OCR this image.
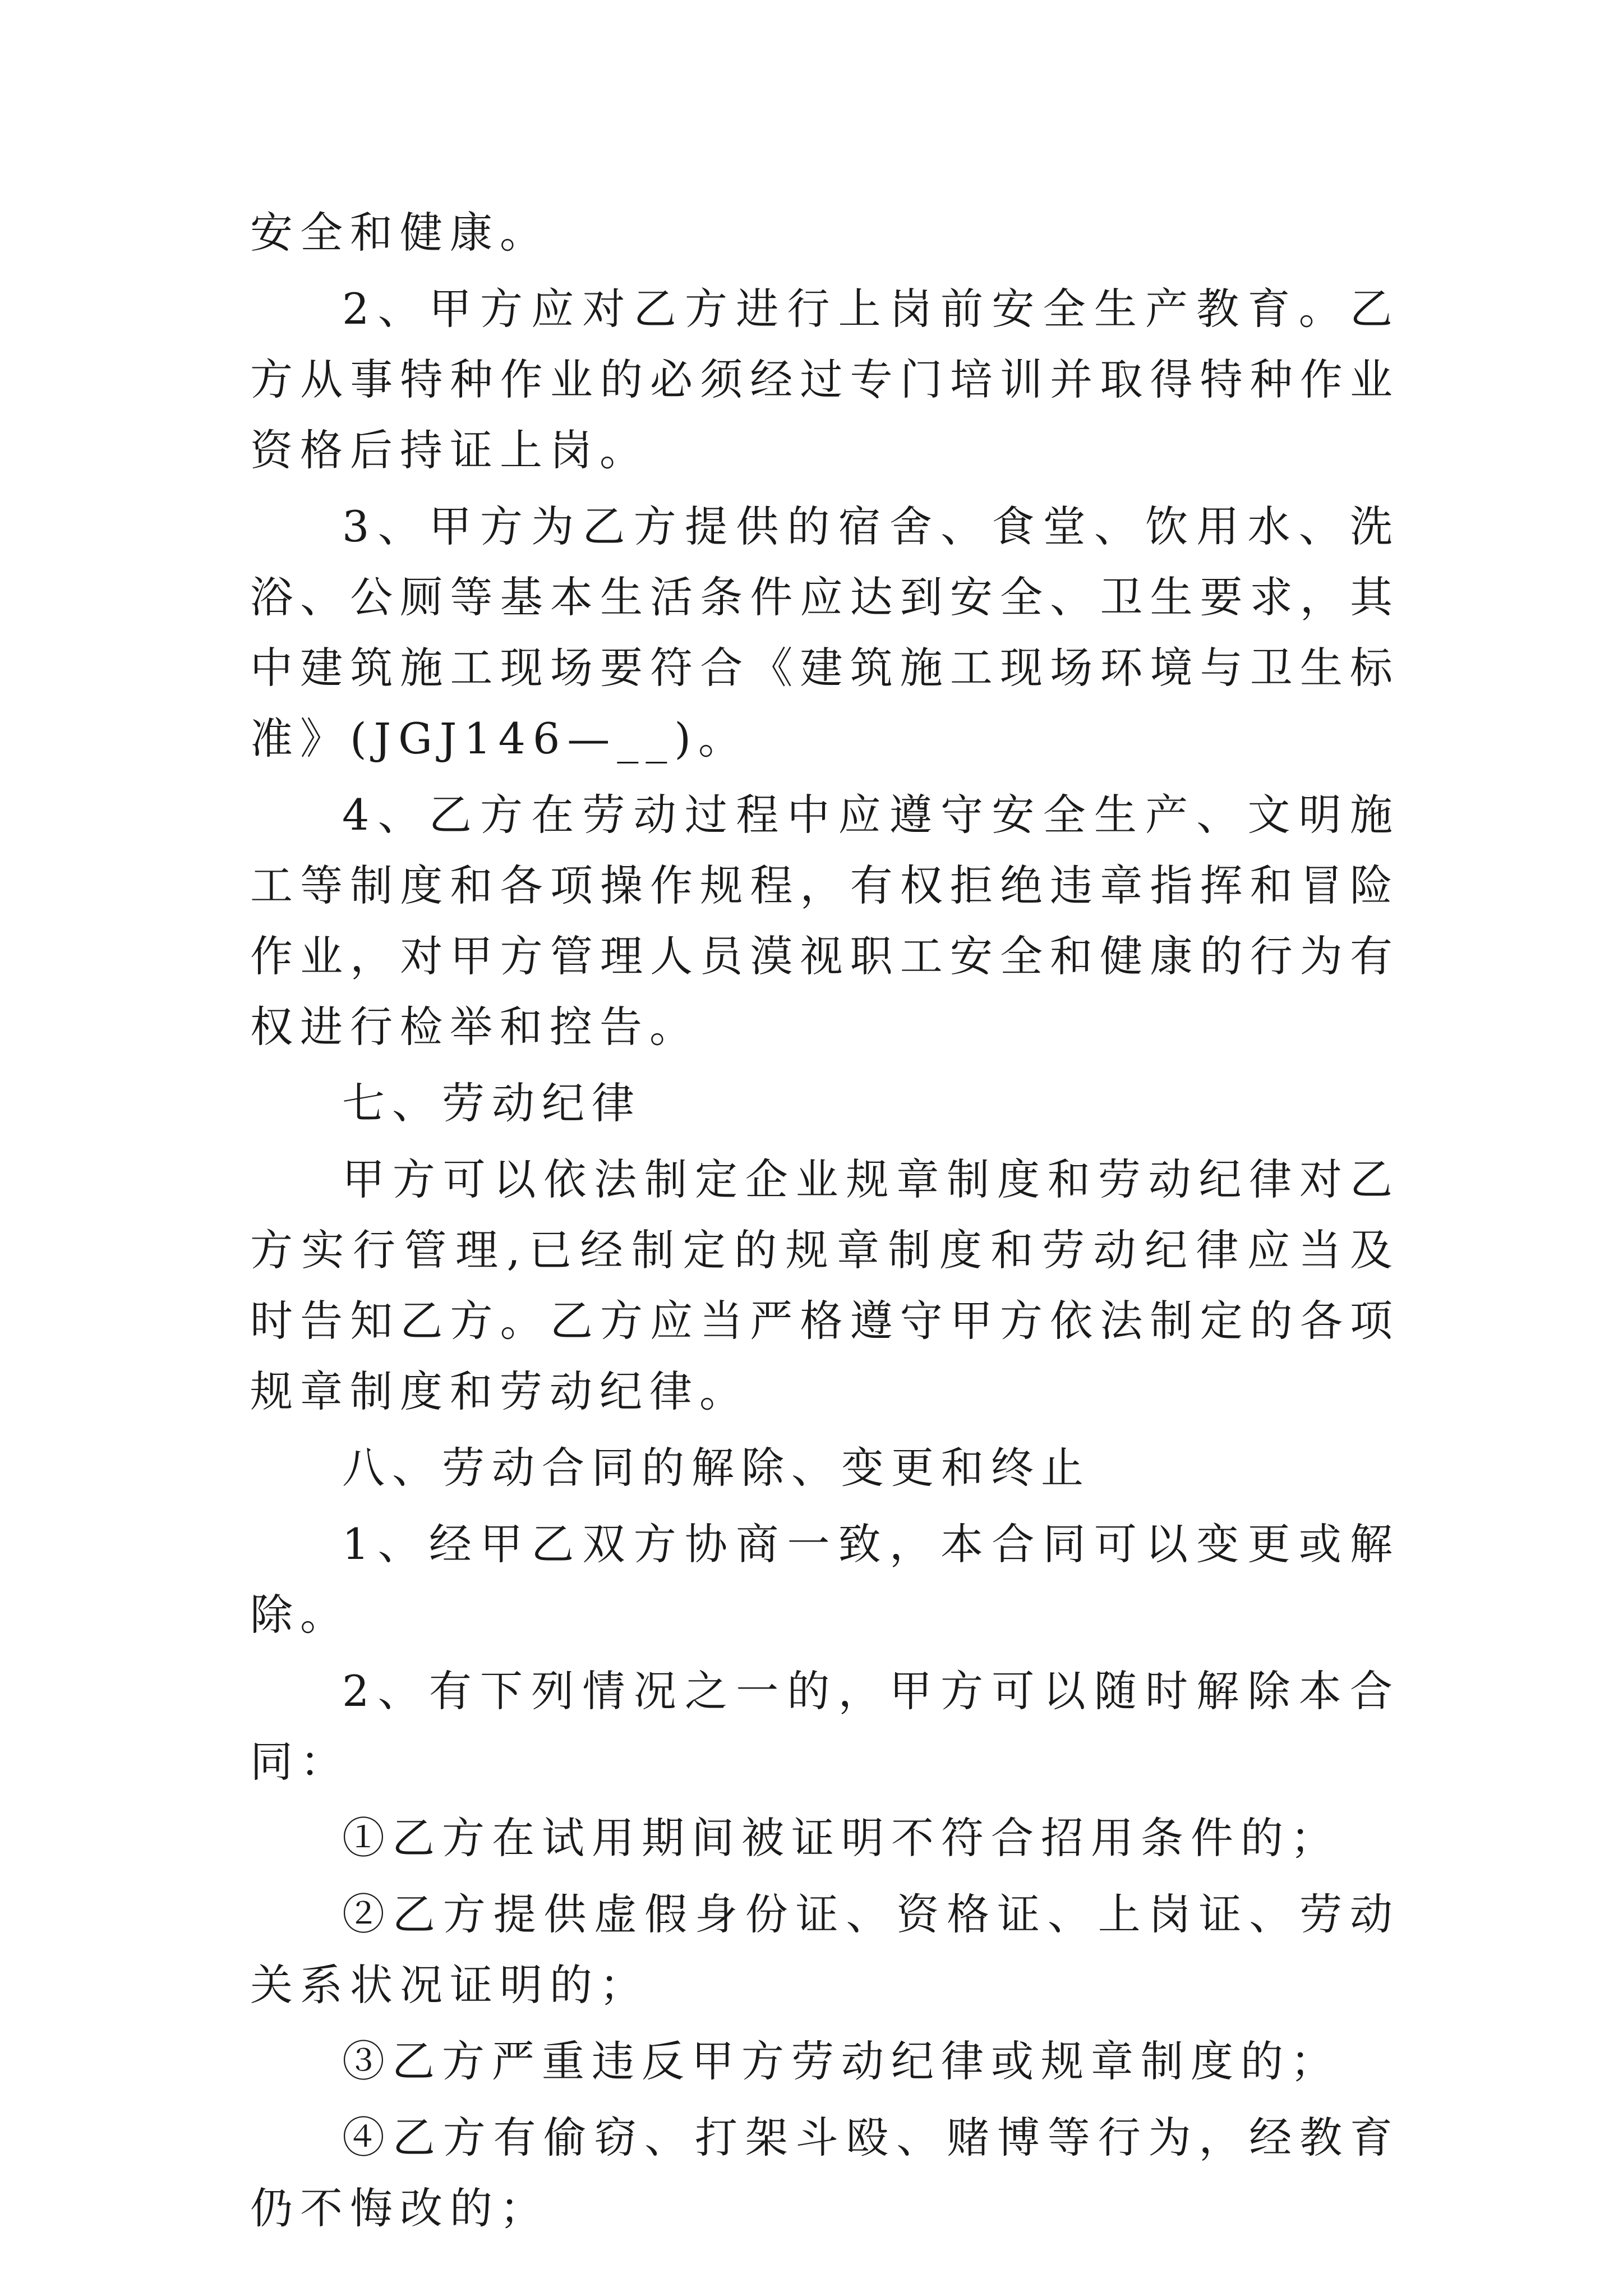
安全和健康。

2、甲方应对乙方进行上岗前安全生产教育。乙方从事特种作业的必须经过专门培训并取得特种作业资格后持证上岗。

3、甲方为乙方提供的宿舍、食堂、饮用水、洗浴、公厕等基本生活条件应达到安全、卫生要求，其中建筑施工现场要符合《建筑施工现场环境与卫生标准》(JGJ146—__)。

4、乙方在劳动过程中应遵守安全生产、文明施工等制度和各项操作规程，有权拒绝违章指挥和冒险作业，对甲方管理人员漠视职工安全和健康的行为有权进行检举和控告。

七、劳动纪律

甲方可以依法制定企业规章制度和劳动纪律对乙方实行管理,已经制定的规章制度和劳动纪律应当及时告知乙方。乙方应当严格遵守甲方依法制定的各项规章制度和劳动纪律。

八、劳动合同的解除、变更和终止

1、经甲乙双方协商一致，本合同可以变更或解除。

2、有下列情况之一的，甲方可以随时解除本合同：

①乙方在试用期间被证明不符合招用条件的；

②乙方提供虚假身份证、资格证、上岗证、劳动关系状况证明的；

③乙方严重违反甲方劳动纪律或规章制度的；

④乙方有偷窃、打架斗殴、赌博等行为，经教育仍不悔改的；
